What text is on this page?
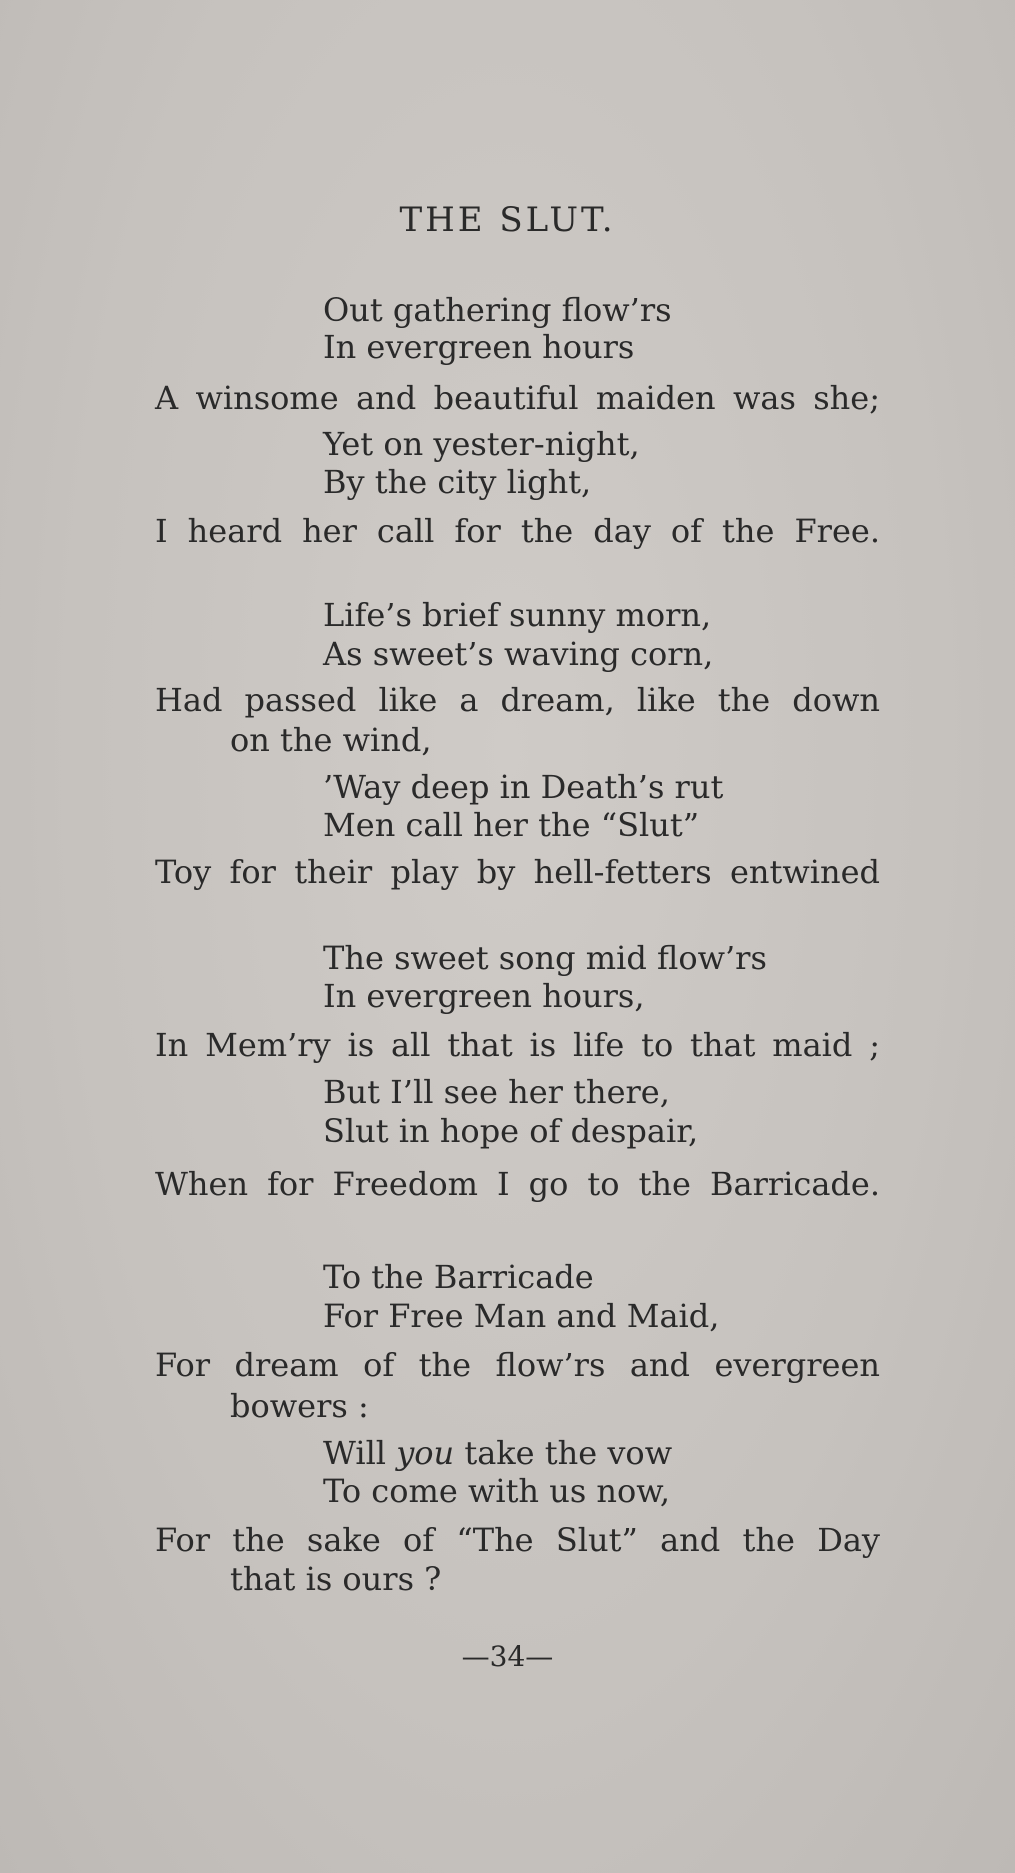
THE SLUT.

Out gathering flow’rs

In evergreen hours

A winsome and beautiful maiden was she;

Yet on yester-night,

By the city light,

I heard her call for the day of the Free.

Life’s brief sunny morn,

As sweet’s waving corn,

Had passed like a dream, like the down

on the wind,

’Way deep in Death’s rut

Men call her the “Slut”

Toy for their play by hell-fetters entwined

The sweet song mid flow’rs

In evergreen hours,

In Mem’ry is all that is life to that maid ;

But I’ll see her there,

Slut in hope of despair,

When for Freedom I go to the Barricade.

To the Barricade

For Free Man and Maid,

For dream of the flow’rs and evergreen

bowers :

Will you take the vow

To come with us now,

For the sake of “The Slut” and the Day

that is ours ?

—34—
